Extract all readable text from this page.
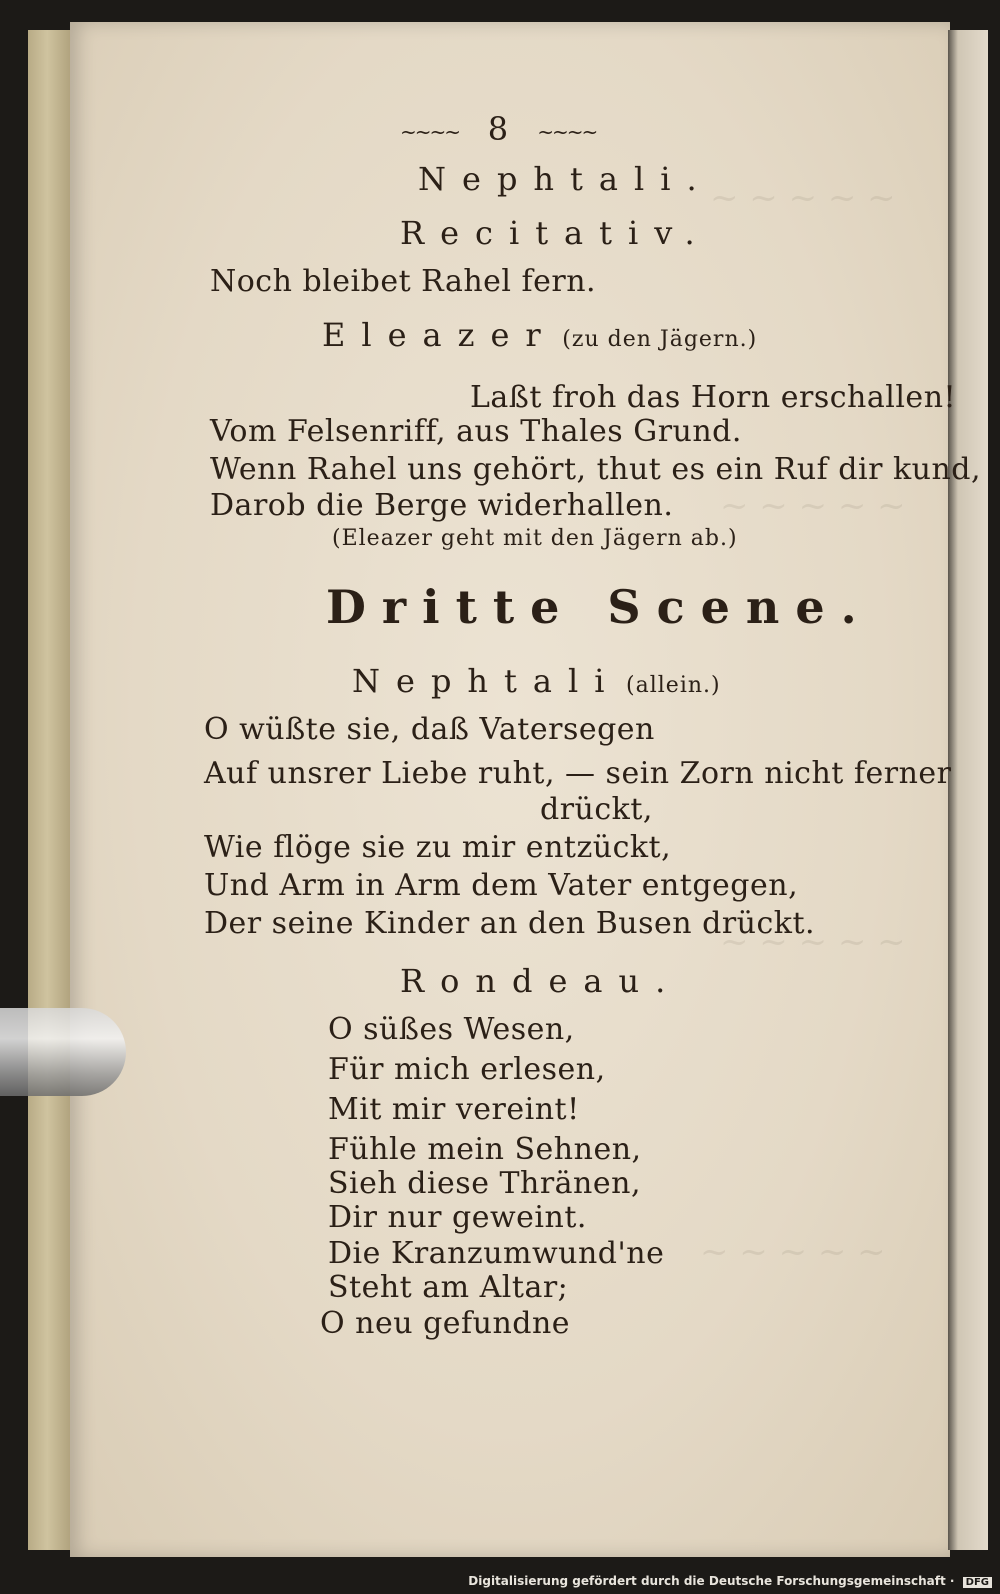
~ ~ ~ ~ ~
~ ~ ~ ~ ~
~ ~ ~ ~ ~
~ ~ ~ ~ ~
~~~~ 8 ~~~~
Nephtali.
Recitativ.
Noch bleibet Rahel fern.
Eleazer (zu den Jägern.)
Laßt froh das Horn erschallen!
Vom Felsenriff, aus Thales Grund.
Wenn Rahel uns gehört, thut es ein Ruf dir kund,
Darob die Berge widerhallen.
(Eleazer geht mit den Jägern ab.)
Dritte Scene.
Nephtali (allein.)
O wüßte sie, daß Vatersegen
Auf unsrer Liebe ruht, — sein Zorn nicht ferner
drückt,
Wie flöge sie zu mir entzückt,
Und Arm in Arm dem Vater entgegen,
Der seine Kinder an den Busen drückt.
Rondeau.
O süßes Wesen,
Für mich erlesen,
Mit mir vereint!
Fühle mein Sehnen,
Sieh diese Thränen,
Dir nur geweint.
Die Kranzumwund'ne
Steht am Altar;
O neu gefundne
Digitalisierung gefördert durch die Deutsche Forschungsgemeinschaft · DFG
